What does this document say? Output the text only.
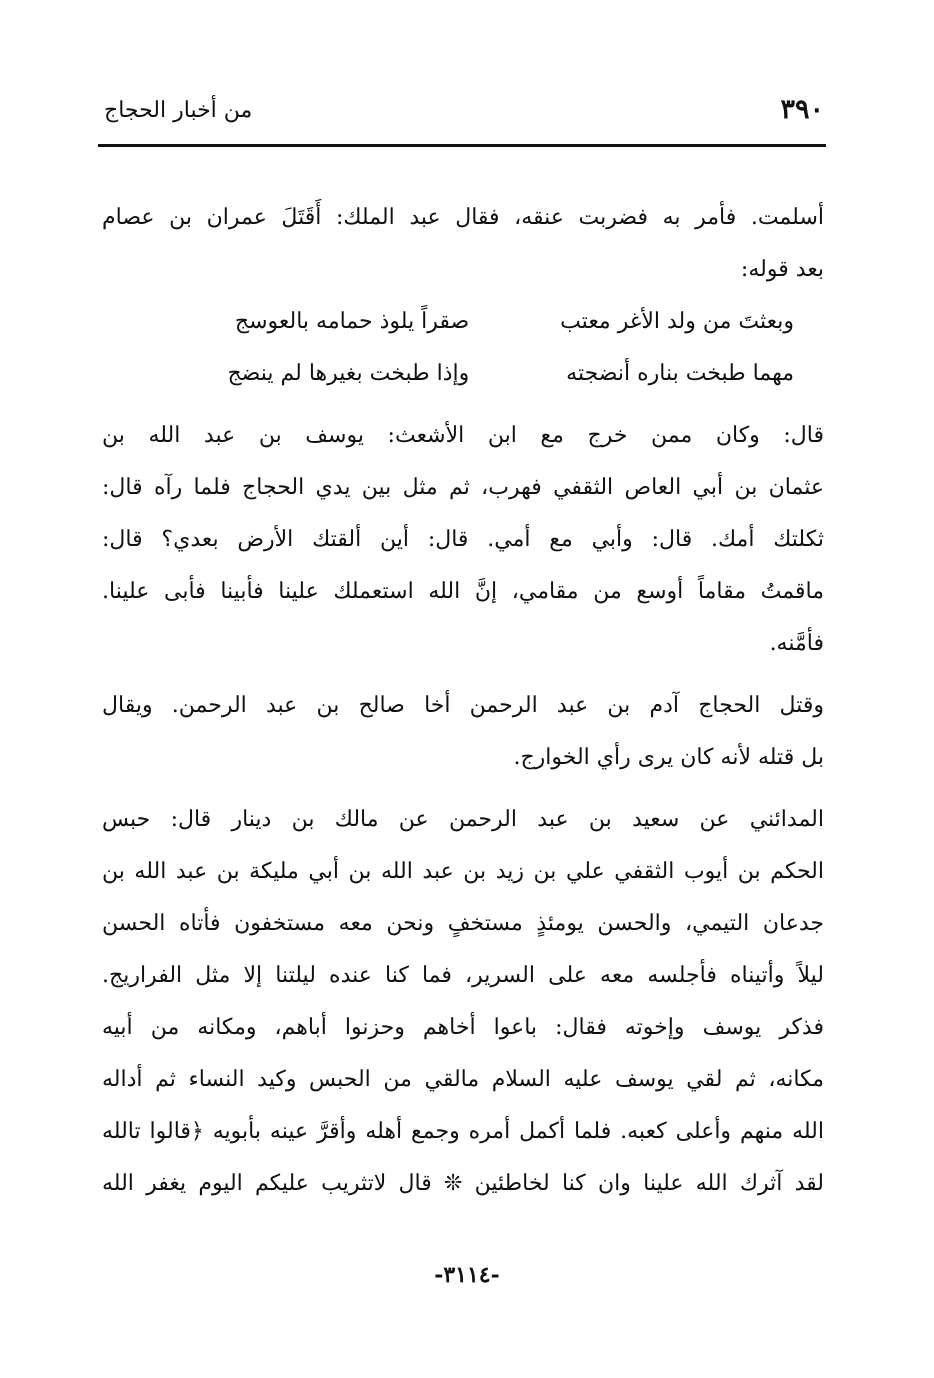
٣٩٠
من أخبار الحجاج
أسلمت. فأمر به فضربت عنقه، فقال عبد الملك: أَقَتَلَ عمران بن عصام
بعد قوله:
وبعثتَ من ولد الأغر معتب صقراً يلوذ حمامه بالعوسج
مهما طبخت بناره أنضجته وإذا طبخت بغيرها لم ينضج
قال: وكان ممن خرج مع ابن الأشعث: يوسف بن عبد الله بن
عثمان بن أبي العاص الثقفي فهرب، ثم مثل بين يدي الحجاج فلما رآه قال:
ثكلتك أمك. قال: وأبي مع أمي. قال: أين ألقتك الأرض بعدي؟ قال:
ماقمتُ مقاماً أوسع من مقامي، إنَّ الله استعملك علينا فأبينا فأبى علينا.
فأمَّنه.
وقتل الحجاج آدم بن عبد الرحمن أخا صالح بن عبد الرحمن. ويقال
بل قتله لأنه كان يرى رأي الخوارج.
المدائني عن سعيد بن عبد الرحمن عن مالك بن دينار قال: حبس
الحكم بن أيوب الثقفي علي بن زيد بن عبد الله بن أبي مليكة بن عبد الله بن
جدعان التيمي، والحسن يومئذٍ مستخفٍ ونحن معه مستخفون فأتاه الحسن
ليلاً وأتيناه فأجلسه معه على السرير، فما كنا عنده ليلتنا إلا مثل الفراريج.
فذكر يوسف وإخوته فقال: باعوا أخاهم وحزنوا أباهم، ومكانه من أبيه
مكانه، ثم لقي يوسف عليه السلام مالقي من الحبس وكيد النساء ثم أداله
الله منهم وأعلى كعبه. فلما أكمل أمره وجمع أهله وأقرَّ عينه بأبويه ﴿قالوا تالله
لقد آثرك الله علينا وان كنا لخاطئين ❊ قال لاتثريب عليكم اليوم يغفر الله
-٣١١٤-
